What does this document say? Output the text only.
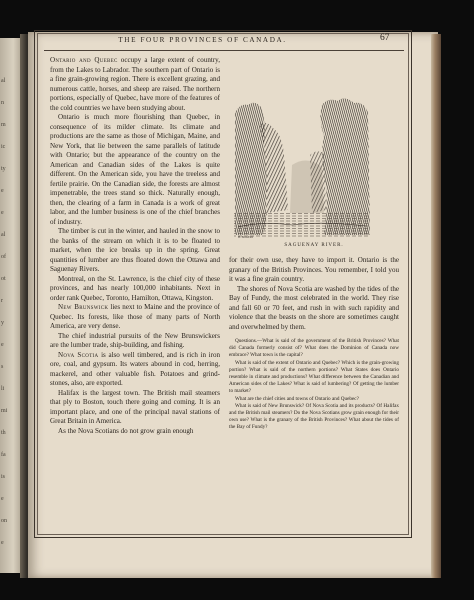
al
n
m
ic
ty
e
e
al
of
ot
r
y
e
s
li
mi
th
fa
is
e
on
e
THE FOUR PROVINCES OF CANADA.	67

Ontario and Quebec occupy a large extent of country, from the Lakes to Labrador. The southern part of Ontario is a fine grain-growing region. There is excellent grazing, and numerous cattle, horses, and sheep are raised. The northern portions, especially of Quebec, have more of the features of the cold countries we have been studying about.

Ontario is much more flourishing than Quebec, in consequence of its milder climate. Its climate and productions are the same as those of Michigan, Maine, and New York, that lie between the same parallels of latitude with Ontario; but the appearance of the country on the American and Canadian sides of the Lakes is quite different. On the American side, you have the treeless and fertile prairie. On the Canadian side, the forests are almost impenetrable, the trees stand so thick. Naturally enough, then, the clearing of a farm in Canada is a work of great labor, and the lumber business is one of the chief branches of industry.

The timber is cut in the winter, and hauled in the snow to the banks of the stream on which it is to be floated to market, when the ice breaks up in the spring. Great quantities of lumber are thus floated down the Ottawa and Saguenay Rivers.

Montreal, on the St. Lawrence, is the chief city of these provinces, and has nearly 100,000 inhabitants. Next in order rank Quebec, Toronto, Hamilton, Ottawa, Kingston.

New Brunswick lies next to Maine and the province of Quebec. Its forests, like those of many parts of North America, are very dense.

The chief industrial pursuits of the New Brunswickers are the lumber trade, ship-building, and fishing.

Nova Scotia is also well timbered, and is rich in iron ore, coal, and gypsum. Its waters abound in cod, herring, mackerel, and other valuable fish. Potatoes and grind-stones, also, are exported.

Halifax is the largest town. The British mail steamers that ply to Boston, touch there going and coming. It is an important place, and one of the principal naval stations of Great Britain in America.

As the Nova Scotians do not grow grain enough

H. BOGERT
SAGUENAY RIVER.

for their own use, they have to import it. Ontario is the granary of the British Provinces. You remember, I told you it was a fine grain country.

The shores of Nova Scotia are washed by the tides of the Bay of Fundy, the most celebrated in the world. They rise and fall 60 or 70 feet, and rush in with such rapidity and violence that the beasts on the shore are sometimes caught and overwhelmed by them.

Questions.—What is said of the government of the British Provinces? What did Canada formerly consist of? What does the Dominion of Canada now embrace? What town is the capital?

What is said of the extent of Ontario and Quebec? Which is the grain-growing portion? What is said of the northern portions? What States does Ontario resemble in climate and productions? What difference between the Canadian and American sides of the Lakes? What is said of lumbering? Of getting the lumber to market?

What are the chief cities and towns of Ontario and Quebec?

What is said of New Brunswick? Of Nova Scotia and its products? Of Halifax and the British mail steamers? Do the Nova Scotians grow grain enough for their own use? What is the granary of the British Provinces? What about the tides of the Bay of Fundy?
